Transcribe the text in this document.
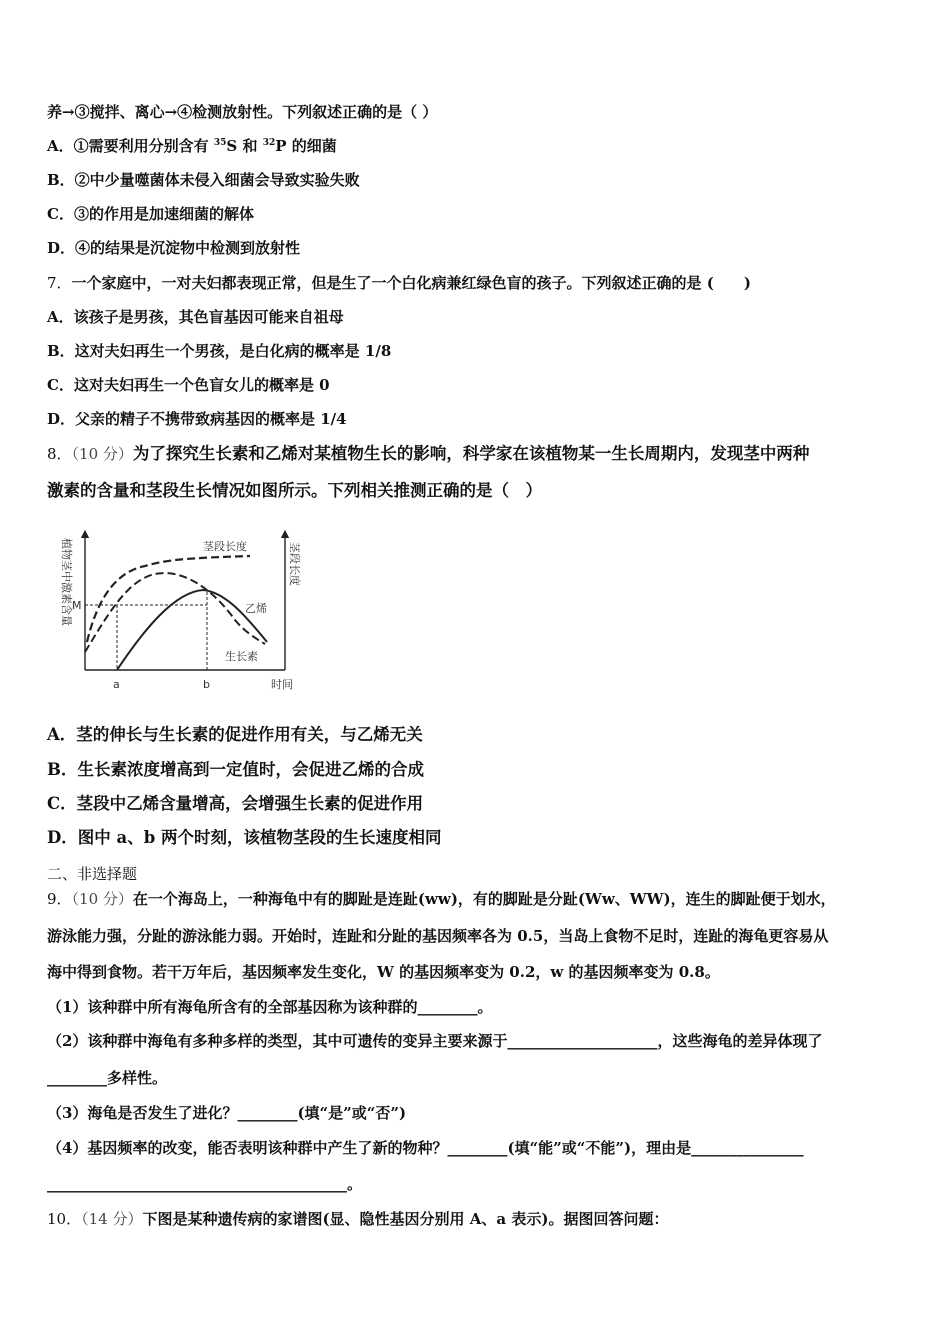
养→③搅拌、离心→④检测放射性。下列叙述正确的是（ ）
A．①需要利用分别含有 $^{35}$S 和 $^{32}$P 的细菌
B．②中少量噬菌体未侵入细菌会导致实验失败
C．③的作用是加速细菌的解体
D．④的结果是沉淀物中检测到放射性
7．一个家庭中，一对夫妇都表现正常，但是生了一个白化病兼红绿色盲的孩子。下列叙述正确的是 (　　)
A．该孩子是男孩，其色盲基因可能来自祖母
B．这对夫妇再生一个男孩，是白化病的概率是 1/8
C．这对夫妇再生一个色盲女儿的概率是 0
D．父亲的精子不携带致病基因的概率是 1/4
8．（10 分）为了探究生长素和乙烯对某植物生长的影响，科学家在该植物某一生长周期内，发现茎中两种
激素的含量和茎段生长情况如图所示。下列相关推测正确的是（　）
植物茎中激素含量	茎段长度
时间
M
a	b
茎段长度
乙烯
生长素
A．茎的伸长与生长素的促进作用有关，与乙烯无关
B．生长素浓度增高到一定值时，会促进乙烯的合成
C．茎段中乙烯含量增高，会增强生长素的促进作用
D．图中 a、b 两个时刻，该植物茎段的生长速度相同
二、非选择题
9．（10 分）在一个海岛上，一种海龟中有的脚趾是连趾(ww)，有的脚趾是分趾(Ww、WW)，连生的脚趾便于划水，
游泳能力强，分趾的游泳能力弱。开始时，连趾和分趾的基因频率各为 0.5，当岛上食物不足时，连趾的海龟更容易从
海中得到食物。若干万年后，基因频率发生变化，W 的基因频率变为 0.2，w 的基因频率变为 0.8。
（1）该种群中所有海龟所含有的全部基因称为该种群的________。
（2）该种群中海龟有多种多样的类型，其中可遗传的变异主要来源于____________________，这些海龟的差异体现了
________多样性。
（3）海龟是否发生了进化？________(填“是”或“否”)
（4）基因频率的改变，能否表明该种群中产生了新的物种？________(填“能”或“不能”)，理由是_______________
________________________________________。
10．（14 分）下图是某种遗传病的家谱图(显、隐性基因分别用 A、a 表示)。据图回答问题：
